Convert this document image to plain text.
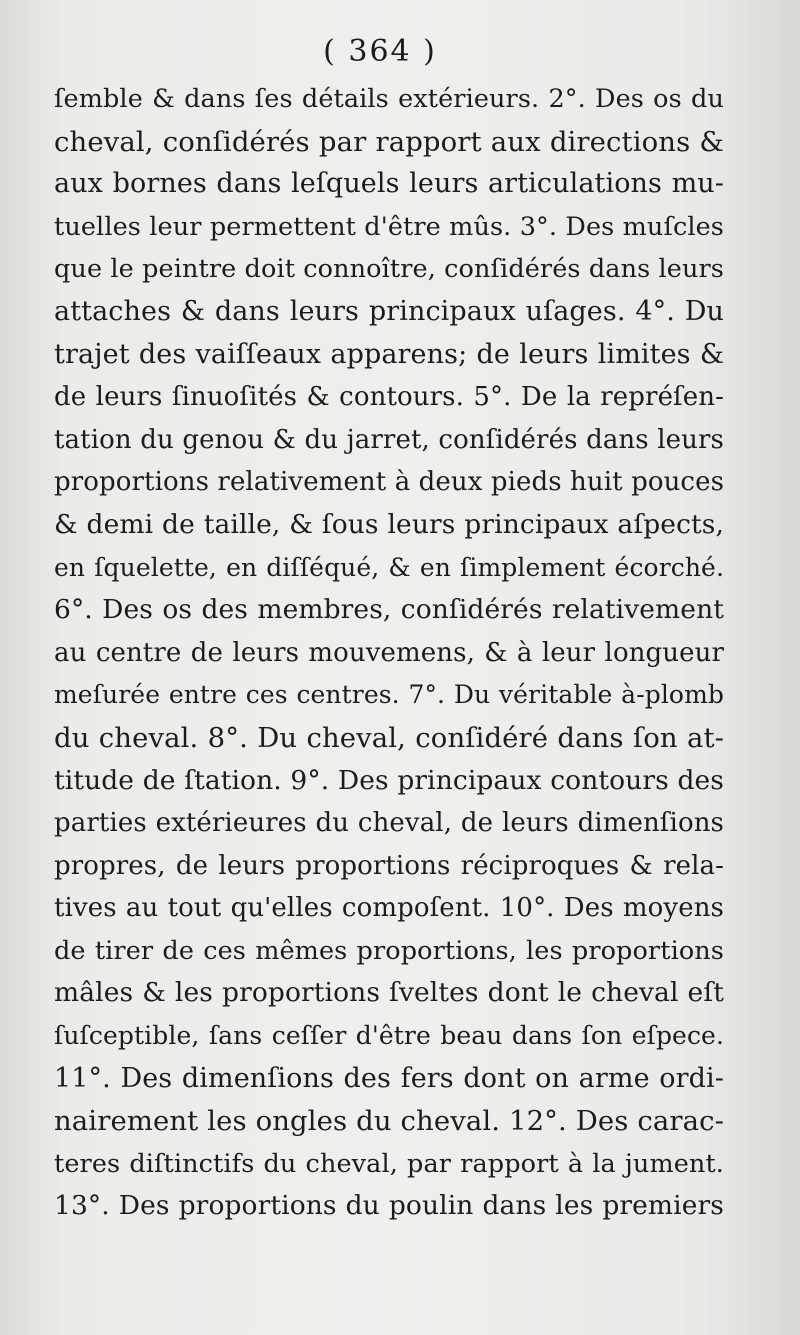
( 364 )
ſemble & dans ſes détails extérieurs. 2°. Des os du
cheval, conſidérés par rapport aux directions &
aux bornes dans leſquels leurs articulations mu-
tuelles leur permettent d'être mûs. 3°. Des muſcles
que le peintre doit connoître, conſidérés dans leurs
attaches & dans leurs principaux uſages. 4°. Du
trajet des vaiſſeaux apparens; de leurs limites &
de leurs ſinuoſités & contours. 5°. De la repréſen-
tation du genou & du jarret, conſidérés dans leurs
proportions relativement à deux pieds huit pouces
& demi de taille, & ſous leurs principaux aſpects,
en ſquelette, en diſſéqué, & en ſimplement écorché.
6°. Des os des membres, conſidérés relativement
au centre de leurs mouvemens, & à leur longueur
meſurée entre ces centres. 7°. Du véritable à-plomb
du cheval. 8°. Du cheval, conſidéré dans ſon at-
titude de ſtation. 9°. Des principaux contours des
parties extérieures du cheval, de leurs dimenſions
propres, de leurs proportions réciproques & rela-
tives au tout qu'elles compoſent. 10°. Des moyens
de tirer de ces mêmes proportions, les proportions
mâles & les proportions ſveltes dont le cheval eſt
ſuſceptible, ſans ceſſer d'être beau dans ſon eſpece.
11°. Des dimenſions des fers dont on arme ordi-
nairement les ongles du cheval. 12°. Des carac-
teres diſtinctifs du cheval, par rapport à la jument.
13°. Des proportions du poulin dans les premiers
